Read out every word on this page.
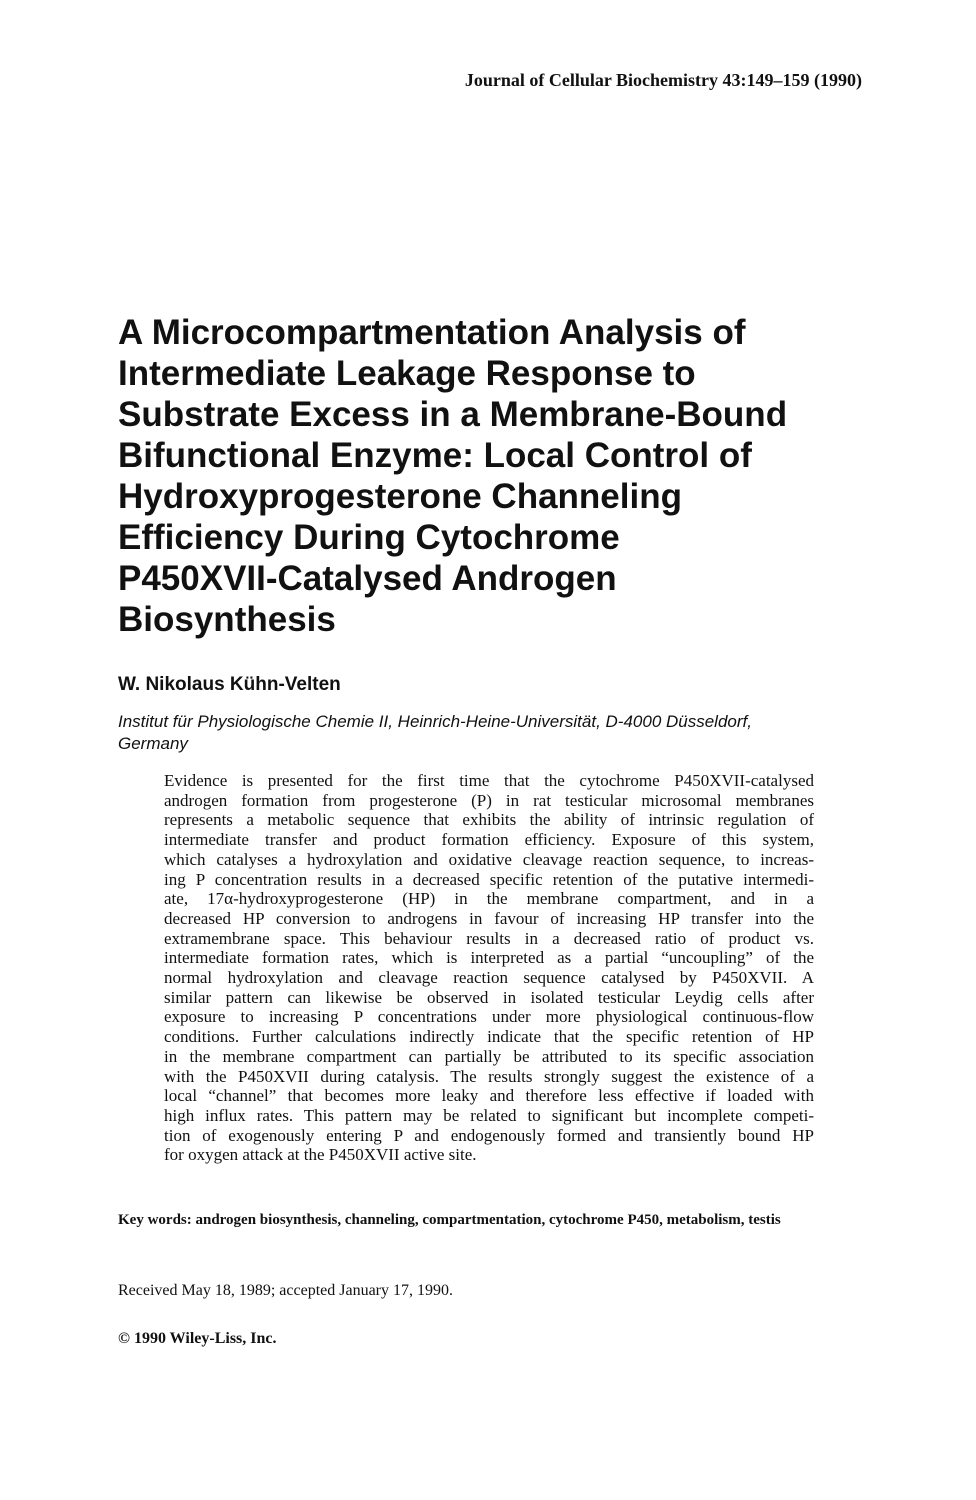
Journal of Cellular Biochemistry 43:149–159 (1990)
A Microcompartmentation Analysis of
Intermediate Leakage Response to
Substrate Excess in a Membrane-Bound
Bifunctional Enzyme: Local Control of
Hydroxyprogesterone Channeling
Efficiency During Cytochrome
P450XVII-Catalysed Androgen
Biosynthesis
W. Nikolaus Kühn-Velten
Institut für Physiologische Chemie II, Heinrich-Heine-Universität, D-4000 Düsseldorf,
Germany
Evidence is presented for the first time that the cytochrome P450XVII-catalysed
androgen formation from progesterone (P) in rat testicular microsomal membranes
represents a metabolic sequence that exhibits the ability of intrinsic regulation of
intermediate transfer and product formation efficiency. Exposure of this system,
which catalyses a hydroxylation and oxidative cleavage reaction sequence, to increas-
ing P concentration results in a decreased specific retention of the putative intermedi-
ate, 17α-hydroxyprogesterone (HP) in the membrane compartment, and in a
decreased HP conversion to androgens in favour of increasing HP transfer into the
extramembrane space. This behaviour results in a decreased ratio of product vs.
intermediate formation rates, which is interpreted as a partial “uncoupling” of the
normal hydroxylation and cleavage reaction sequence catalysed by P450XVII. A
similar pattern can likewise be observed in isolated testicular Leydig cells after
exposure to increasing P concentrations under more physiological continuous-flow
conditions. Further calculations indirectly indicate that the specific retention of HP
in the membrane compartment can partially be attributed to its specific association
with the P450XVII during catalysis. The results strongly suggest the existence of a
local “channel” that becomes more leaky and therefore less effective if loaded with
high influx rates. This pattern may be related to significant but incomplete competi-
tion of exogenously entering P and endogenously formed and transiently bound HP
for oxygen attack at the P450XVII active site.
Key words: androgen biosynthesis, channeling, compartmentation, cytochrome P450, metabolism, testis
Received May 18, 1989; accepted January 17, 1990.
© 1990 Wiley-Liss, Inc.
